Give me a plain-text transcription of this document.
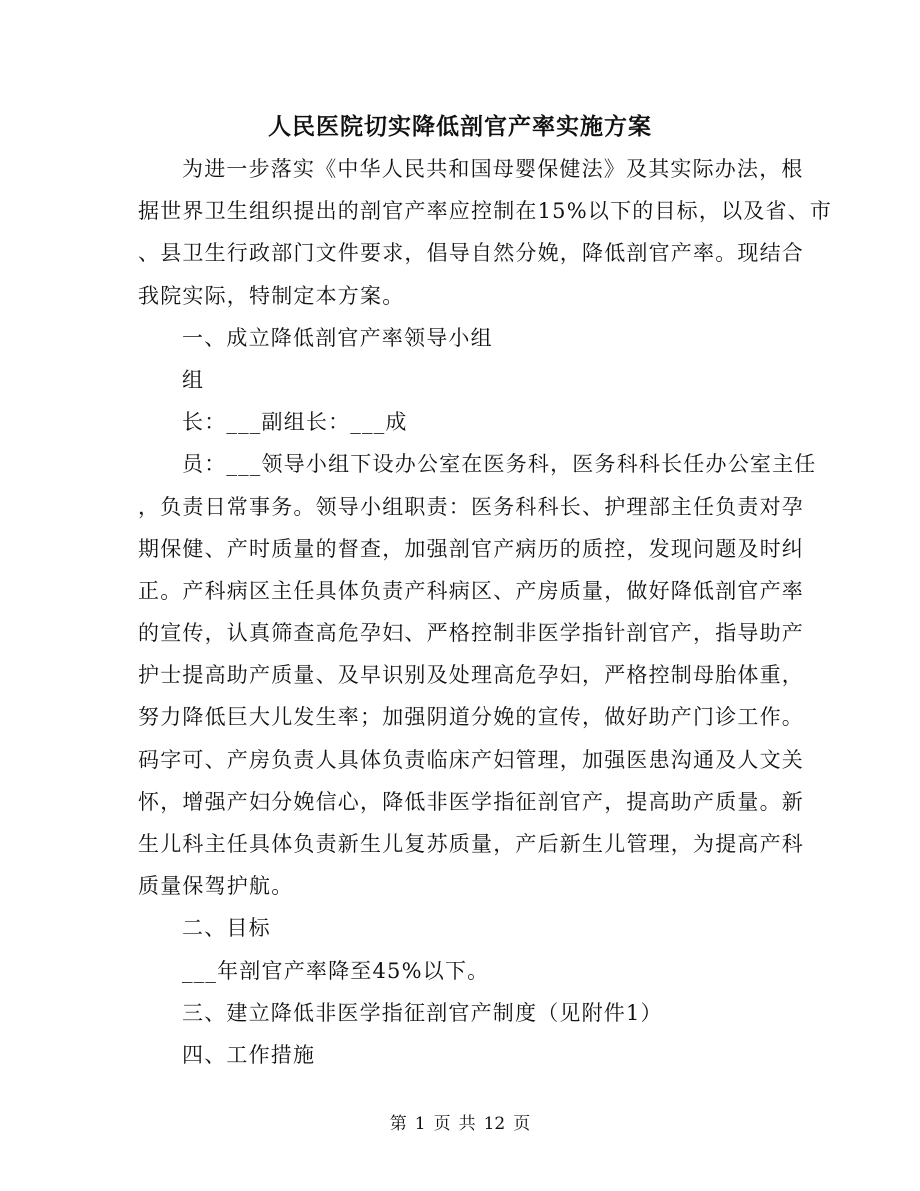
人民医院切实降低剖官产率实施方案
为进一步落实《中华人民共和国母婴保健法》及其实际办法，根
据世界卫生组织提出的剖官产率应控制在15%以下的目标，以及省、市
、县卫生行政部门文件要求，倡导自然分娩，降低剖官产率。现结合
我院实际，特制定本方案。
一、成立降低剖官产率领导小组
组
长：___副组长：___成
员：___领导小组下设办公室在医务科，医务科科长任办公室主任
，负责日常事务。领导小组职责：医务科科长、护理部主任负责对孕
期保健、产时质量的督查，加强剖官产病历的质控，发现问题及时纠
正。产科病区主任具体负责产科病区、产房质量，做好降低剖官产率
的宣传，认真筛查高危孕妇、严格控制非医学指针剖官产，指导助产
护士提高助产质量、及早识别及处理高危孕妇，严格控制母胎体重，
努力降低巨大儿发生率；加强阴道分娩的宣传，做好助产门诊工作。
码字可、产房负责人具体负责临床产妇管理，加强医患沟通及人文关
怀，增强产妇分娩信心，降低非医学指征剖官产，提高助产质量。新
生儿科主任具体负责新生儿复苏质量，产后新生儿管理，为提高产科
质量保驾护航。
二、目标
___年剖官产率降至45%以下。
三、建立降低非医学指征剖官产制度（见附件1）
四、工作措施
第 1 页 共 12 页
